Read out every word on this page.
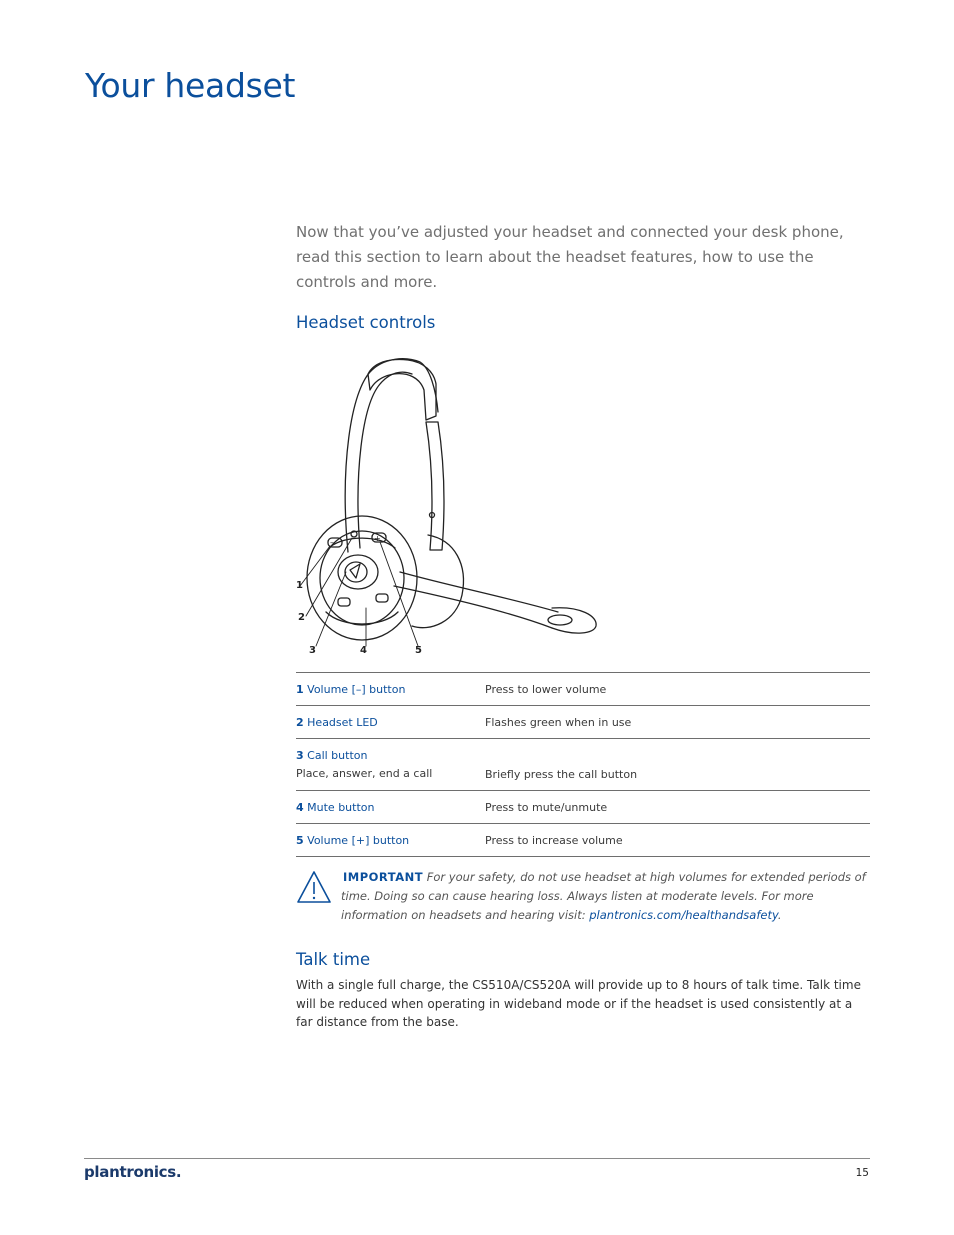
Your headset

Now that you’ve adjusted your headset and connected your desk phone, read this section to learn about the headset features, how to use the controls and more.

Headset controls
+
–
1
2
3	4	5
1 Volume [–] button	Press to lower volume
2 Headset LED	Flashes green when in use
3 Call button
Place, answer, end a call	Briefly press the call button
4 Mute button	Press to mute/unmute
5 Volume [+] button	Press to increase volume

IMPORTANT For your safety, do not use headset at high volumes for extended periods of time. Doing so can cause hearing loss. Always listen at moderate levels. For more information on headsets and hearing visit: plantronics.com/healthandsafety.

Talk time

With a single full charge, the CS510A/CS520A will provide up to 8 hours of talk time. Talk time will be reduced when operating in wideband mode or if the headset is used consistently at a far distance from the base.

plantronics.	15
